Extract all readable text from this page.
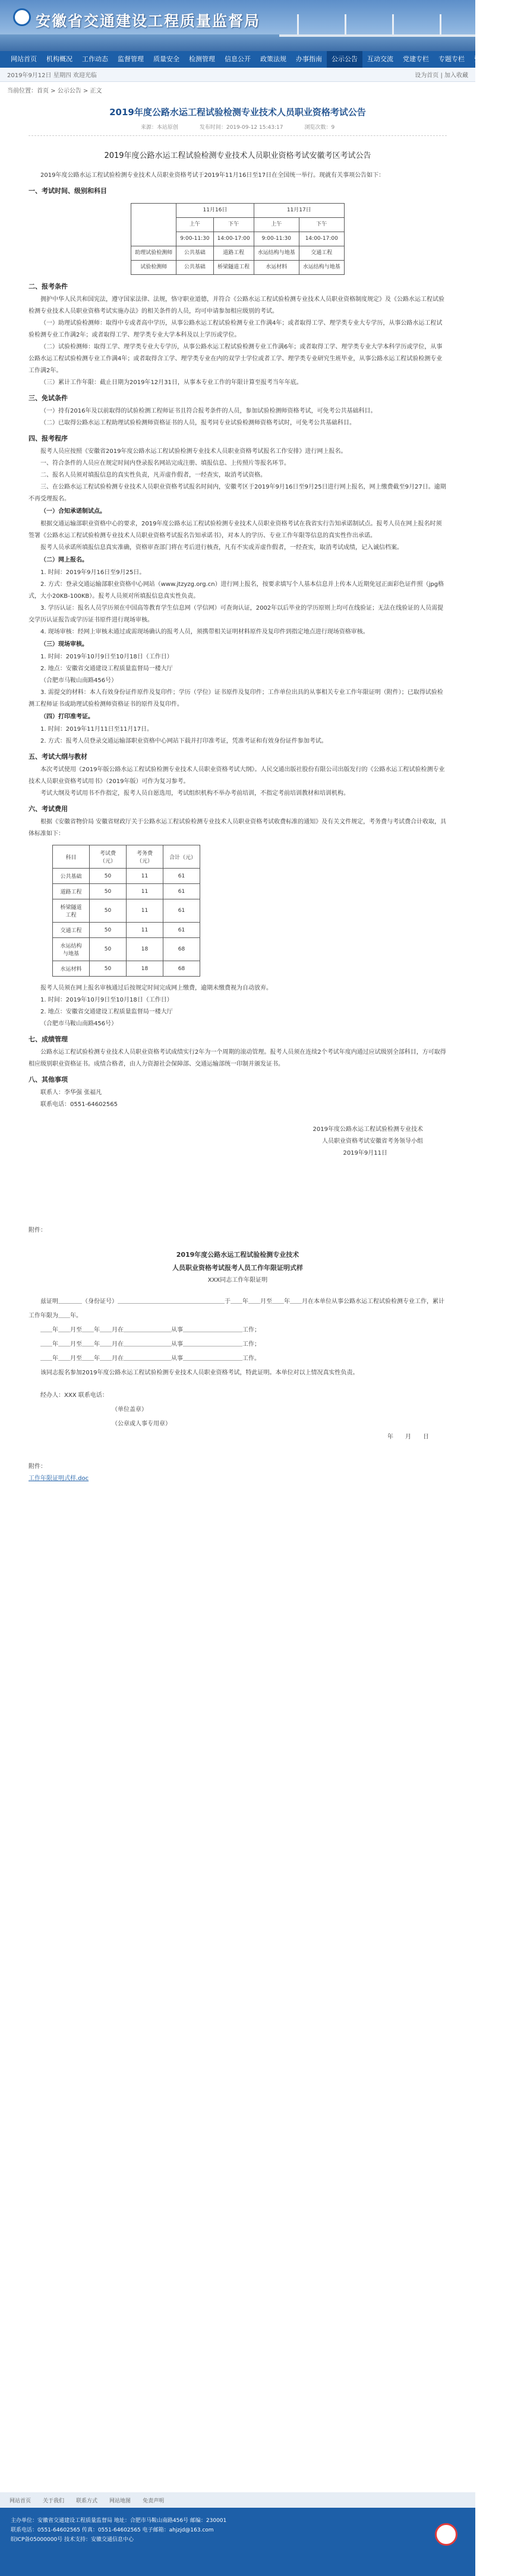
安徽省交通建设工程质量监督局
网站首页	机构概况	工作动态	监督管理	质量安全	检测管理	信息公开	政策法规	办事指南	公示公告	互动交流	党建专栏	专题专栏	资料下载
2019年9月12日 星期四 欢迎光临	设为首页 | 加入收藏
当前位置：首页 > 公示公告 > 正文
2019年度公路水运工程试验检测专业技术人员职业资格考试公告
来源：本站原创	发布时间：2019-09-12 15:43:17	浏览次数：9
2019年度公路水运工程试验检测专业技术人员职业资格考试安徽考区考试公告
2019年度公路水运工程试验检测专业技术人员职业资格考试于2019年11月16日至17日在全国统一举行。现就有关事项公告如下：
一、考试时间、级别和科目
	11月16日		11月17日	
	上午	下午	上午	下午
	9:00-11:30	14:00-17:00	9:00-11:30	14:00-17:00
助理试验检测师	公共基础	道路工程	水运结构与地基	交通工程
试验检测师	公共基础	桥梁隧道工程	水运材料	水运结构与地基
二、报考条件
拥护中华人民共和国宪法，遵守国家法律、法规，恪守职业道德，并符合《公路水运工程试验检测专业技术人员职业资格制度规定》及《公路水运工程试验检测专业技术人员职业资格考试实施办法》的相关条件的人员，均可申请参加相应级别的考试。
（一）助理试验检测师：取得中专或者高中学历，从事公路水运工程试验检测专业工作满4年；或者取得工学、理学类专业大专学历，从事公路水运工程试验检测专业工作满2年；或者取得工学、理学类专业大学本科及以上学历或学位。
（二）试验检测师：取得工学、理学类专业大专学历，从事公路水运工程试验检测专业工作满6年；或者取得工学、理学类专业大学本科学历或学位，从事公路水运工程试验检测专业工作满4年；或者取得含工学、理学类专业在内的双学士学位或者工学、理学类专业研究生班毕业，从事公路水运工程试验检测专业工作满2年。
（三）累计工作年限：截止日期为2019年12月31日，从事本专业工作的年限计算至报考当年年底。
三、免试条件
（一）持有2016年及以前取得的试验检测工程师证书且符合报考条件的人员，参加试验检测师资格考试，可免考公共基础科目。
（二）已取得公路水运工程助理试验检测师资格证书的人员，报考同专业试验检测师资格考试时，可免考公共基础科目。
四、报考程序
报考人员应按照《安徽省2019年度公路水运工程试验检测专业技术人员职业资格考试报名工作安排》进行网上报名。
一、符合条件的人员应在规定时间内登录报名网站完成注册、填报信息、上传照片等报名环节。
二、报名人员须对填报信息的真实性负责，凡弄虚作假者，一经查实，取消考试资格。
三、在公路水运工程试验检测专业技术人员职业资格考试报名时间内，安徽考区于2019年9月16日至9月25日进行网上报名，网上缴费截至9月27日。逾期不再受理报名。
（一）合知承诺制试点。
根据交通运输部职业资格中心的要求，2019年度公路水运工程试验检测专业技术人员职业资格考试在我省实行告知承诺制试点。报考人员在网上报名时须签署《公路水运工程试验检测专业技术人员职业资格考试报名告知承诺书》，对本人的学历、专业工作年限等信息的真实性作出承诺。
报考人员承诺所填报信息真实准确，资格审查部门将在考后进行核查，凡有不实或弄虚作假者，一经查实，取消考试成绩，记入诚信档案。
（二）网上报名。
1. 时间：2019年9月16日至9月25日。
2. 方式：登录交通运输部职业资格中心网站（www.jtzyzg.org.cn）进行网上报名，按要求填写个人基本信息并上传本人近期免冠正面彩色证件照（jpg格式，大小20KB-100KB）。报考人员须对所填报信息真实性负责。
3. 学历认证：报名人员学历须在中国高等教育学生信息网（学信网）可查询认证，2002年以后毕业的学历原则上均可在线验证；无法在线验证的人员需提交学历认证报告或学历证书原件进行现场审核。
4. 现场审核：经网上审核未通过或需现场确认的报考人员，须携带相关证明材料原件及复印件到指定地点进行现场资格审核。
（三）现场审核。
1. 时间：2019年10月9日至10月18日（工作日）
2. 地点：安徽省交通建设工程质量监督局一楼大厅
（合肥市马鞍山南路456号）
3. 需提交的材料：本人有效身份证件原件及复印件；学历（学位）证书原件及复印件；工作单位出具的从事相关专业工作年限证明（附件）；已取得试验检测工程师证书或助理试验检测师资格证书的原件及复印件。
（四）打印准考证。
1. 时间：2019年11月11日至11月17日。
2. 方式：报考人员登录交通运输部职业资格中心网站下载并打印准考证，凭准考证和有效身份证件参加考试。
五、考试大纲与教材
本次考试使用《2019年版公路水运工程试验检测专业技术人员职业资格考试大纲》。人民交通出版社股份有限公司出版发行的《公路水运工程试验检测专业技术人员职业资格考试用书》（2019年版）可作为复习参考。
考试大纲及考试用书不作指定，报考人员自愿选用，考试组织机构不举办考前培训，不指定考前培训教材和培训机构。
六、考试费用
根据《安徽省物价局 安徽省财政厅关于公路水运工程试验检测专业技术人员职业资格考试收费标准的通知》及有关文件规定，考务费与考试费合计收取，具体标准如下：
科目	考试费（元）	考务费（元）	合计（元）
公共基础	50	11	61
道路工程	50	11	61
桥梁隧道工程	50	11	61
交通工程	50	11	61
水运结构与地基	50	18	68
水运材料	50	18	68
报考人员须在网上报名审核通过后按规定时间完成网上缴费，逾期未缴费视为自动放弃。
1. 时间：2019年10月9日至10月18日（工作日）
2. 地点：安徽省交通建设工程质量监督局一楼大厅
（合肥市马鞍山南路456号）
七、成绩管理
公路水运工程试验检测专业技术人员职业资格考试成绩实行2年为一个周期的滚动管理。报考人员须在连续2个考试年度内通过应试级别全部科目，方可取得相应级别职业资格证书。成绩合格者，由人力资源社会保障部、交通运输部统一印制并颁发证书。
八、其他事项
联系人：李华强 张福凡
联系电话：0551-64602565
2019年度公路水运工程试验检测专业技术
人员职业资格考试安徽省考务领导小组
2019年9月11日
附件：
2019年度公路水运工程试验检测专业技术
人员职业资格考试报考人员工作年限证明式样
XXX同志工作年限证明
兹证明＿＿＿＿（身份证号）＿＿＿＿＿＿＿＿＿＿＿＿＿＿＿＿＿＿于＿＿年＿＿月至＿＿年＿＿月在本单位从事公路水运工程试验检测专业工作，累计工作年限为＿＿年。
＿＿年＿＿月至＿＿年＿＿月在＿＿＿＿＿＿＿＿从事＿＿＿＿＿＿＿＿＿＿工作；
＿＿年＿＿月至＿＿年＿＿月在＿＿＿＿＿＿＿＿从事＿＿＿＿＿＿＿＿＿＿工作；
＿＿年＿＿月至＿＿年＿＿月在＿＿＿＿＿＿＿＿从事＿＿＿＿＿＿＿＿＿＿工作。
该同志报名参加2019年度公路水运工程试验检测专业技术人员职业资格考试，特此证明。本单位对以上情况真实性负责。
经办人：XXX 联系电话：
（单位盖章）
（公章或人事专用章）
年　　月　　日
附件：
工作年限证明式样.doc
网站首页 关于我们 联系方式 网站地图 免责声明
主办单位：安徽省交通建设工程质量监督局 地址：合肥市马鞍山南路456号 邮编：230001
联系电话：0551-64602565 传真：0551-64602565 电子邮箱：ahjzjd@163.com
皖ICP备05000000号 技术支持：安徽交通信息中心
